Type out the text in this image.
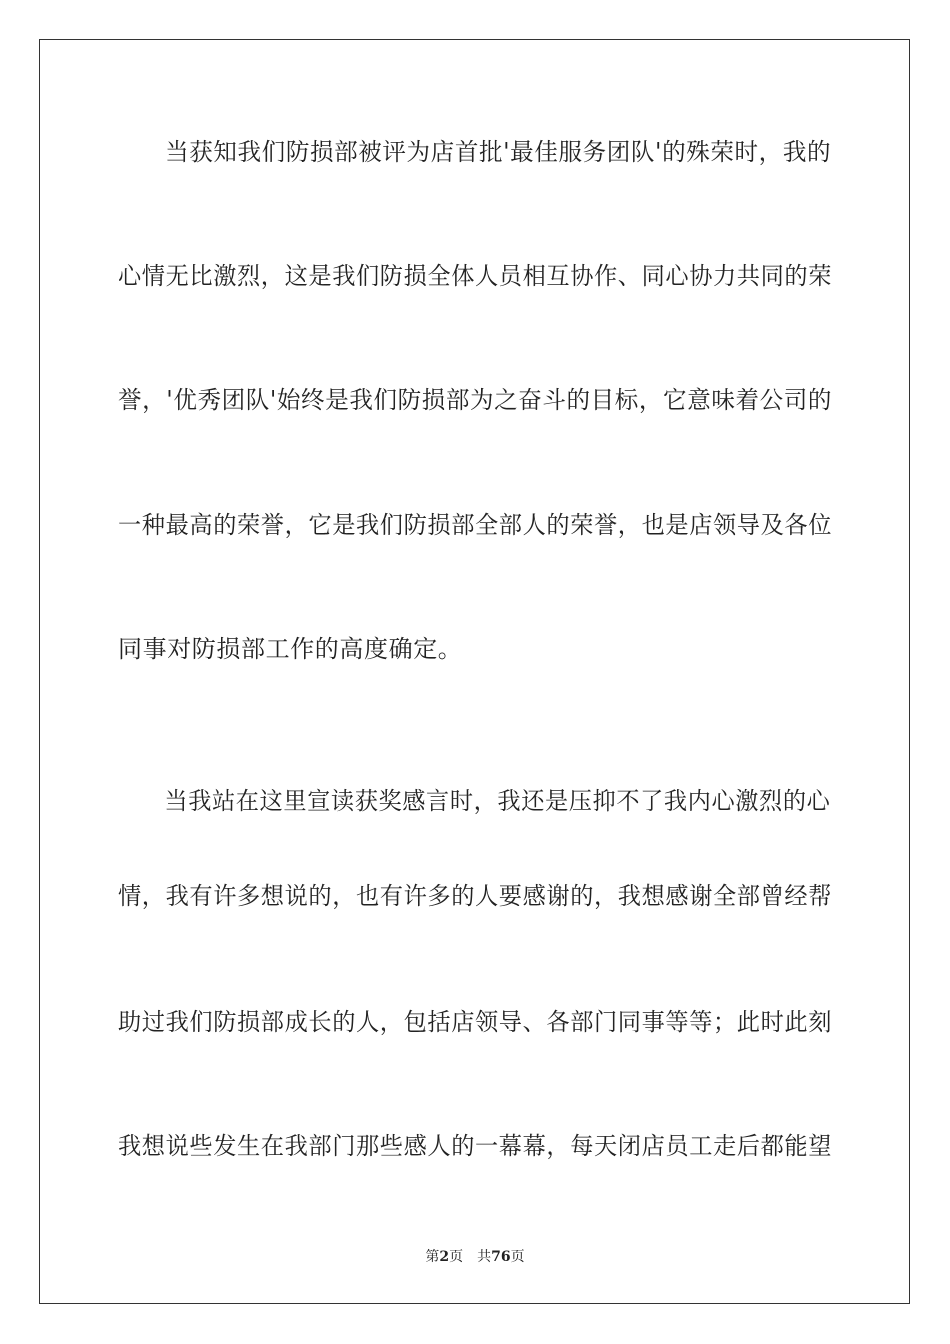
当获知我们防损部被评为店首批'最佳服务团队'的殊荣时，我的
心情无比激烈，这是我们防损全体人员相互协作、同心协力共同的荣
誉，'优秀团队'始终是我们防损部为之奋斗的目标，它意味着公司的
一种最高的荣誉，它是我们防损部全部人的荣誉，也是店领导及各位
同事对防损部工作的高度确定。
当我站在这里宣读获奖感言时，我还是压抑不了我内心激烈的心
情，我有许多想说的，也有许多的人要感谢的，我想感谢全部曾经帮
助过我们防损部成长的人，包括店领导、各部门同事等等；此时此刻
我想说些发生在我部门那些感人的一幕幕，每天闭店员工走后都能望
第2页 共76页
